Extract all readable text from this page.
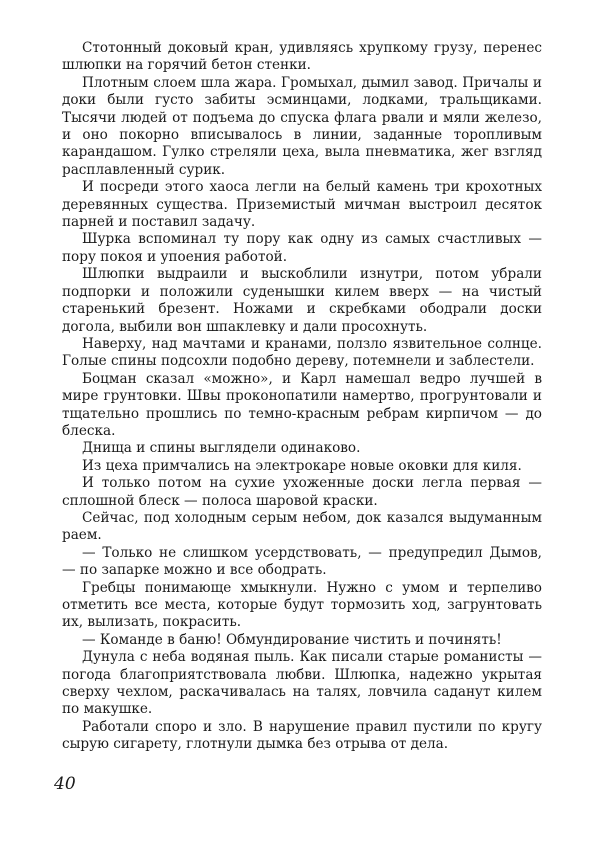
Стотонный доковый кран, удивляясь хрупкому грузу, перенес шлюпки на горячий бетон стенки.

Плотным слоем шла жара. Громыхал, дымил завод. Причалы и доки были густо забиты эсминцами, лодками, тральщиками. Тысячи людей от подъема до спуска флага рвали и мяли железо, и оно покорно вписывалось в линии, заданные торопливым карандашом. Гулко стреляли цеха, выла пневматика, жег взгляд расплавленный сурик.

И посреди этого хаоса легли на белый камень три крохотных деревянных существа. Приземистый мичман выстроил десяток парней и поставил задачу.

Шурка вспоминал ту пору как одну из самых счастливых — пору покоя и упоения работой.

Шлюпки выдраили и выскоблили изнутри, потом убрали подпорки и положили суденышки килем вверх — на чистый старенький брезент. Ножами и скребками ободрали доски догола, выбили вон шпаклевку и дали просохнуть.

Наверху, над мачтами и кранами, ползло язвительное солнце. Голые спины подсохли подобно дереву, потемнели и заблестели.

Боцман сказал «можно», и Карл намешал ведро лучшей в мире грунтовки. Швы проконопатили намертво, прогрунтовали и тщательно прошлись по темно-красным ребрам кирпичом — до блеска.

Днища и спины выглядели одинаково.

Из цеха примчались на электрокаре новые оковки для киля.

И только потом на сухие ухоженные доски легла первая — сплошной блеск — полоса шаровой краски.

Сейчас, под холодным серым небом, док казался выдуманным раем.

— Только не слишком усердствовать, — предупредил Дымов, — по запарке можно и все ободрать.

Гребцы понимающе хмыкнули. Нужно с умом и терпеливо отметить все места, которые будут тормозить ход, загрунтовать их, вылизать, покрасить.

— Команде в баню! Обмундирование чистить и починять!

Дунула с неба водяная пыль. Как писали старые романисты — погода благоприятствовала любви. Шлюпка, надежно укрытая сверху чехлом, раскачивалась на талях, ловчила саданут килем по макушке.

Работали споро и зло. В нарушение правил пустили по кругу сырую сигарету, глотнули дымка без отрыва от дела.

40
